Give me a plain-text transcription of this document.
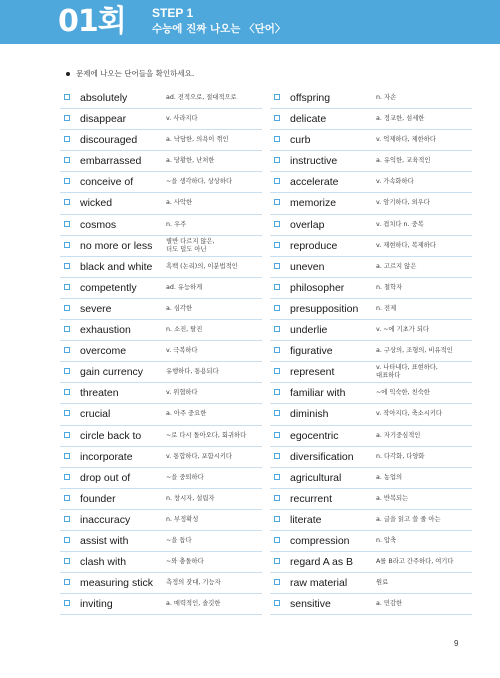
01회 STEP 1
수능에 진짜 나오는 〈단어〉
문제에 나오는 단어들을 확인하세요.
absolutely	ad. 전적으로, 절대적으로
disappear	v. 사라지다
discouraged	a. 낙담한, 의욕이 꺾인
embarrassed	a. 당황한, 난처한
conceive of	~을 생각하다, 상상하다
wicked	a. 사악한
cosmos	n. 우주
no more or less 별반 다르지 않은,
더도 덜도 아닌
black and white 흑백 (논리)의, 이분법적인
competently	ad. 유능하게
severe	a. 심각한
exhaustion	n. 소진, 탈진
overcome	v. 극복하다
gain currency	유행하다, 통용되다
threaten	v. 위협하다
crucial	a. 아주 중요한
circle back to	~로 다시 돌아오다, 회귀하다
incorporate	v. 통합하다, 포함시키다
drop out of	~을 중퇴하다
founder	n. 창시자, 설립자
inaccuracy	n. 부정확성
assist with	~을 돕다
clash with	~와 충돌하다
measuring stick 측정의 잣대, 기능자
inviting	a. 매력적인, 솔깃한
offspring	n. 자손
delicate	a. 정교한, 섬세한
curb	v. 억제하다, 제한하다
instructive	a. 유익한, 교육적인
accelerate	v. 가속화하다
memorize	v. 암기하다, 외우다
overlap	v. 겹치다 n. 중복
reproduce	v. 재현하다, 복제하다
uneven	a. 고르지 않은
philosopher	n. 철학자
presupposition	n. 전제
underlie	v. ~에 기초가 되다
figurative	a. 구상의, 조형의, 비유적인
represent	v. 나타내다, 표현하다,
대표하다
familiar with	~에 익숙한, 친숙한
diminish	v. 작아지다, 축소시키다
egocentric	a. 자기중심적인
diversification	n. 다각화, 다양화
agricultural	a. 농업의
recurrent	a. 반복되는
literate	a. 글을 읽고 쓸 줄 아는
compression	n. 압축
regard A as B	A를 B라고 간주하다, 여기다
raw material	원료
sensitive	a. 민감한
9
